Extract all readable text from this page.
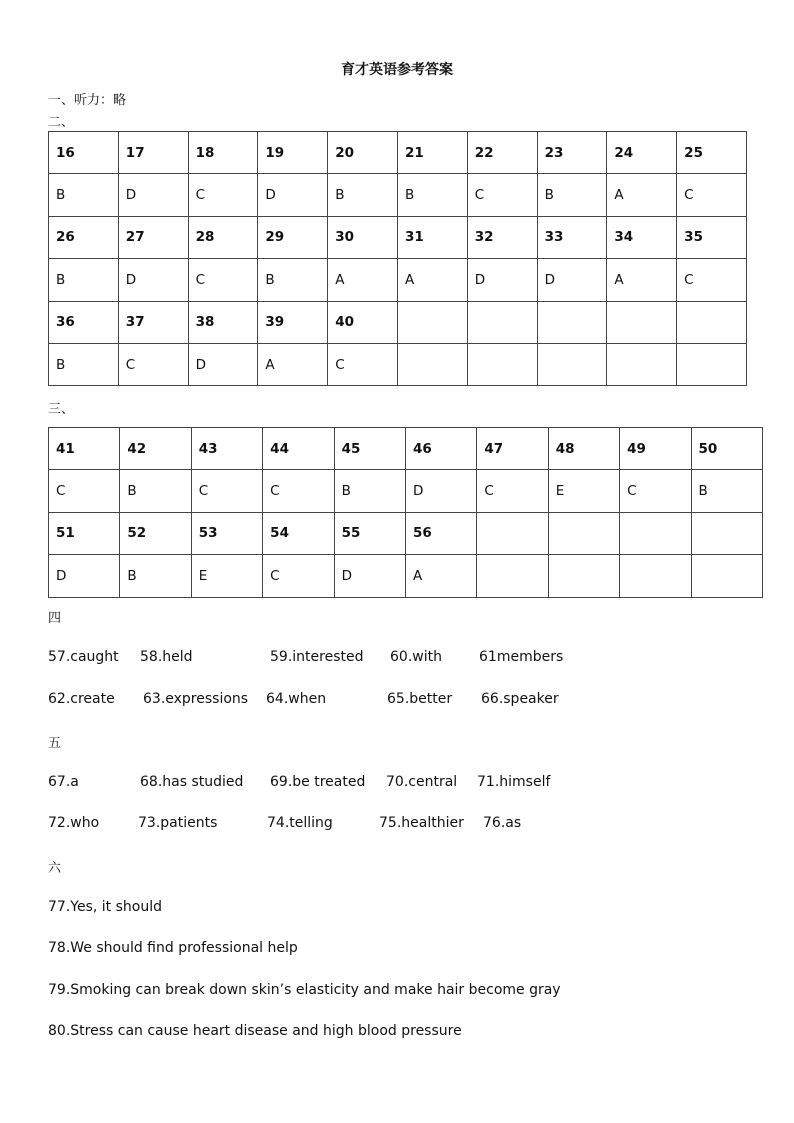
育才英语参考答案
一、听力：略
二、
16	17	18	19	20	21	22	23	24	25
B	D	C	D	B	B	C	B	A	C
26	27	28	29	30	31	32	33	34	35
B	D	C	B	A	A	D	D	A	C
36	37	38	39	40					
B	C	D	A	C					
三、
41	42	43	44	45	46	47	48	49	50
C	B	C	C	B	D	C	E	C	B
51	52	53	54	55	56				
D	B	E	C	D	A				
四
57.caught 58.held	59.interested 60.with	61members
62.create 63.expressions 64.when	65.better 66.speaker
五
67.a	68.has studied 69.be treated 70.central 71.himself
72.who	73.patients	74.telling	75.healthier 76.as
六
77.Yes, it should
78.We should find professional help
79.Smoking can break down skin’s elasticity and make hair become gray
80.Stress can cause heart disease and high blood pressure
